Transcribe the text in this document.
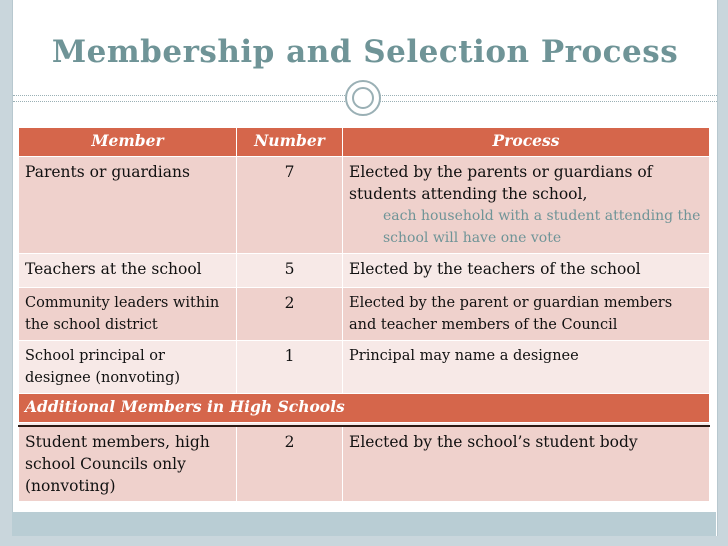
Membership and Selection Process
Member	Number	Process
Parents or guardians	7	Elected by the parents or guardians of students attending the school,
each household with a student attending the school will have one vote

Teachers at the school	5	Elected by the teachers of the school
Community leaders within the school district	2	Elected by the parent or guardian members and teacher members of the Council
School principal or designee (nonvoting)	1	Principal may name a designee
Additional Members in High Schools		

Student members, high school Councils only (nonvoting)	2	Elected by the school’s student body
